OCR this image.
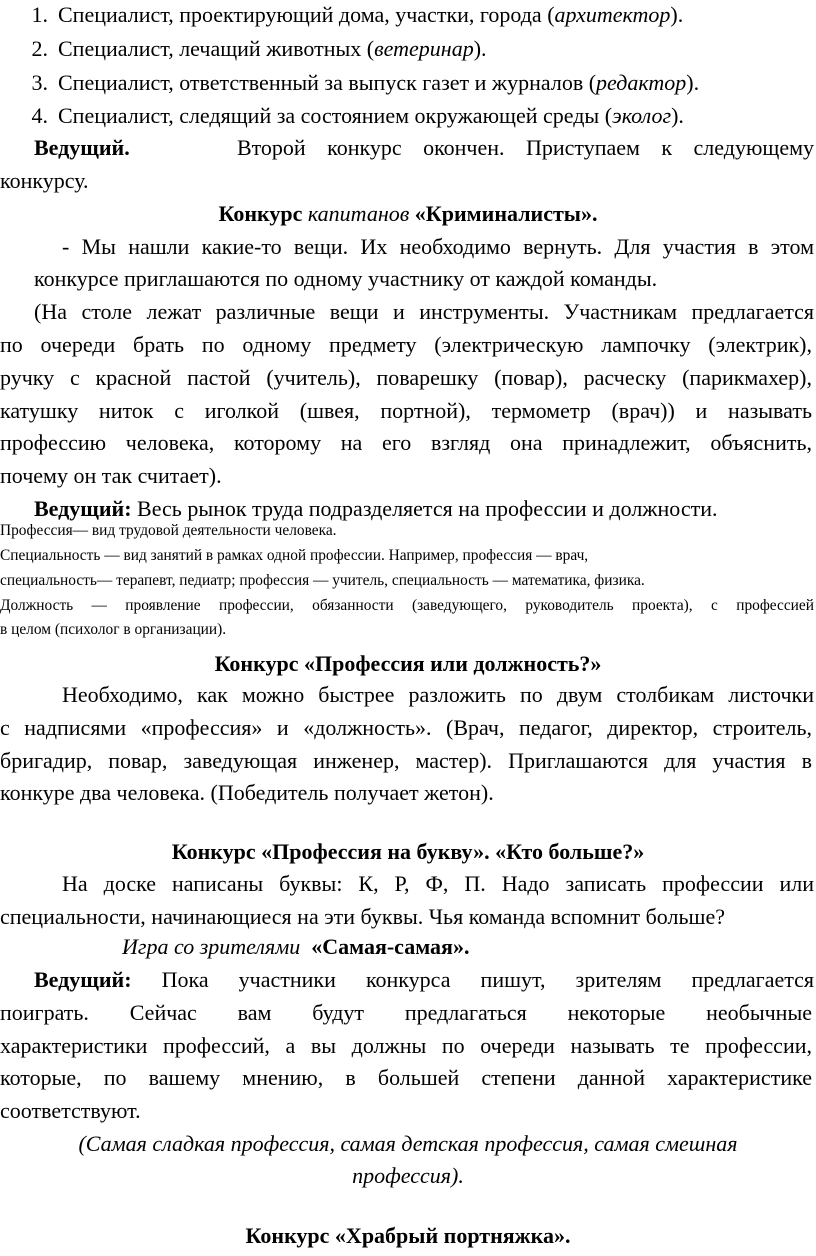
1. Специалист, проектирующий дома, участки, города (архитектор).
2. Специалист, лечащий животных (ветеринар).
3. Специалист, ответственный за выпуск газет и журналов (редактор).
4. Специалист, следящий за состоянием окружающей среды (эколог).
Ведущий.	Второй конкурс окончен. Приступаем к следующему
конкурсу.
Конкурс капитанов «Криминалисты».
- Мы нашли какие-то вещи. Их необходимо вернуть. Для участия в этом
конкурсе приглашаются по одному участнику от каждой команды.
(На столе лежат различные вещи и инструменты. Участникам предлагается
по очереди брать по одному предмету (электрическую лампочку (электрик),
ручку с красной пастой (учитель), поварешку (повар), расческу (парикмахер),
катушку ниток с иголкой (швея, портной), термометр (врач)) и называть
профессию человека, которому на его взгляд она принадлежит, объяснить,
почему он так считает).
Ведущий: Весь рынок труда подразделяется на профессии и должности.
Профессия— вид трудовой деятельности человека.
Специальность — вид занятий в рамках одной профессии. Например, профессия — врач,
специальность— терапевт, педиатр; профессия — учитель, специальность — математика, физика.
Должность — проявление профессии, обязанности (заведующего, руководитель проекта), с профессией
в целом (психолог в организации).
Конкурс «Профессия или должность?»
Необходимо, как можно быстрее разложить по двум столбикам листочки
с надписями «профессия» и «должность». (Врач, педагог, директор, строитель,
бригадир, повар, заведующая инженер, мастер). Приглашаются для участия в
конкуре два человека. (Победитель получает жетон).
Конкурс «Профессия на букву». «Кто больше?»
На доске написаны буквы: К, Р, Ф, П. Надо записать профессии или
специальности, начинающиеся на эти буквы. Чья команда вспомнит больше?
Игра со зрителями «Самая-самая».
Ведущий: Пока участники конкурса пишут, зрителям предлагается
поиграть. Сейчас вам будут предлагаться некоторые необычные
характеристики профессий, а вы должны по очереди называть те профессии,
которые, по вашему мнению, в большей степени данной характеристике
соответствуют.
(Самая сладкая профессия, самая детская профессия, самая смешная
профессия).
Конкурс «Храбрый портняжка».
